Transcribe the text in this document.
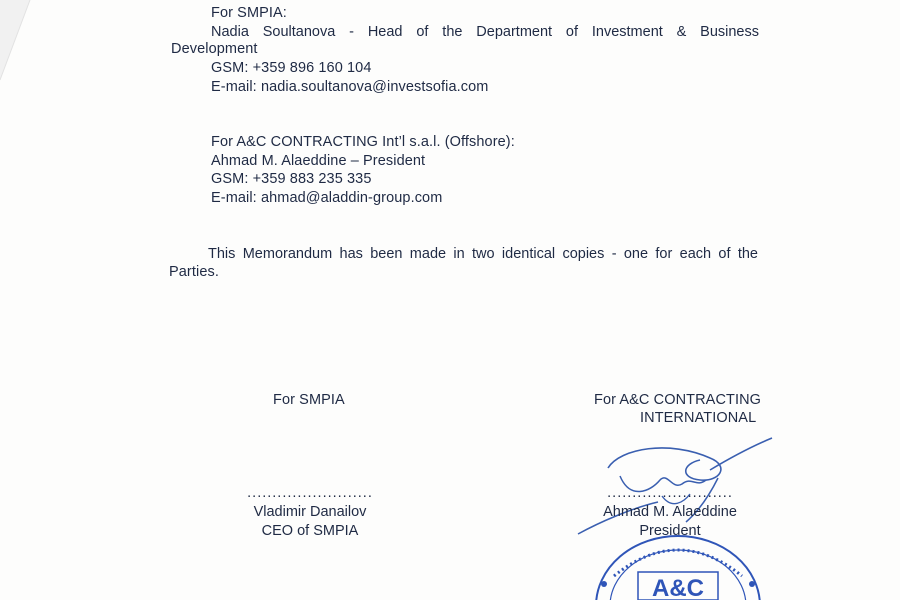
For SMPIA:
Nadia Soultanova - Head of the Department of Investment & Business
Development
GSM: +359 896 160 104
E-mail: nadia.soultanova@investsofia.com
For A&C CONTRACTING Int’l s.a.l. (Offshore):
Ahmad M. Alaeddine – President
GSM: +359 883 235 335
E-mail: ahmad@aladdin-group.com
This Memorandum has been made in two identical copies - one for each of the
Parties.
For SMPIA
.........................
Vladimir Danailov
CEO of SMPIA
For A&C CONTRACTING
INTERNATIONAL
.........................
Ahmad M. Alaeddine
President
A&C
